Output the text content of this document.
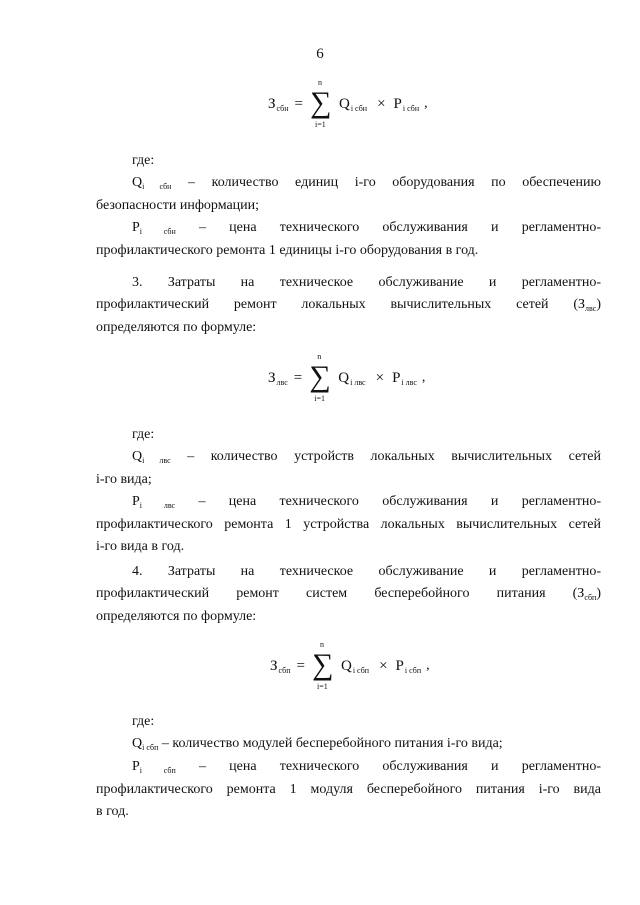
6
З сбн =
n
∑
i=1
Q i сбн × P i сбн ,
где:
$Q_{i сбн}$ – количество единиц i-го оборудования по обеспечению
безопасности информации;
$P_{i сбн}$ – цена технического обслуживания и регламентно-
профилактического ремонта 1 единицы i-го оборудования в год.
3. Затраты на техническое обслуживание и регламентно-
профилактический ремонт локальных вычислительных сетей $(З_{лвс})$
определяются по формуле:
З лвс =
n
∑
i=1
Q i лвс × P i лвс ,
где:
$Q_{i лвс}$ – количество устройств локальных вычислительных сетей
i-го вида;
$P_{i лвс}$ – цена технического обслуживания и регламентно-
профилактического ремонта 1 устройства локальных вычислительных сетей
i-го вида в год.
4. Затраты на техническое обслуживание и регламентно-
профилактический ремонт систем бесперебойного питания $(З_{сбп})$
определяются по формуле:
З сбп =
n
∑
i=1
Q i сбп × P i сбп ,
где:
$Q_{i сбп}$ – количество модулей бесперебойного питания i-го вида;
$P_{i сбп}$ – цена технического обслуживания и регламентно-
профилактического ремонта 1 модуля бесперебойного питания i-го вида
в год.
